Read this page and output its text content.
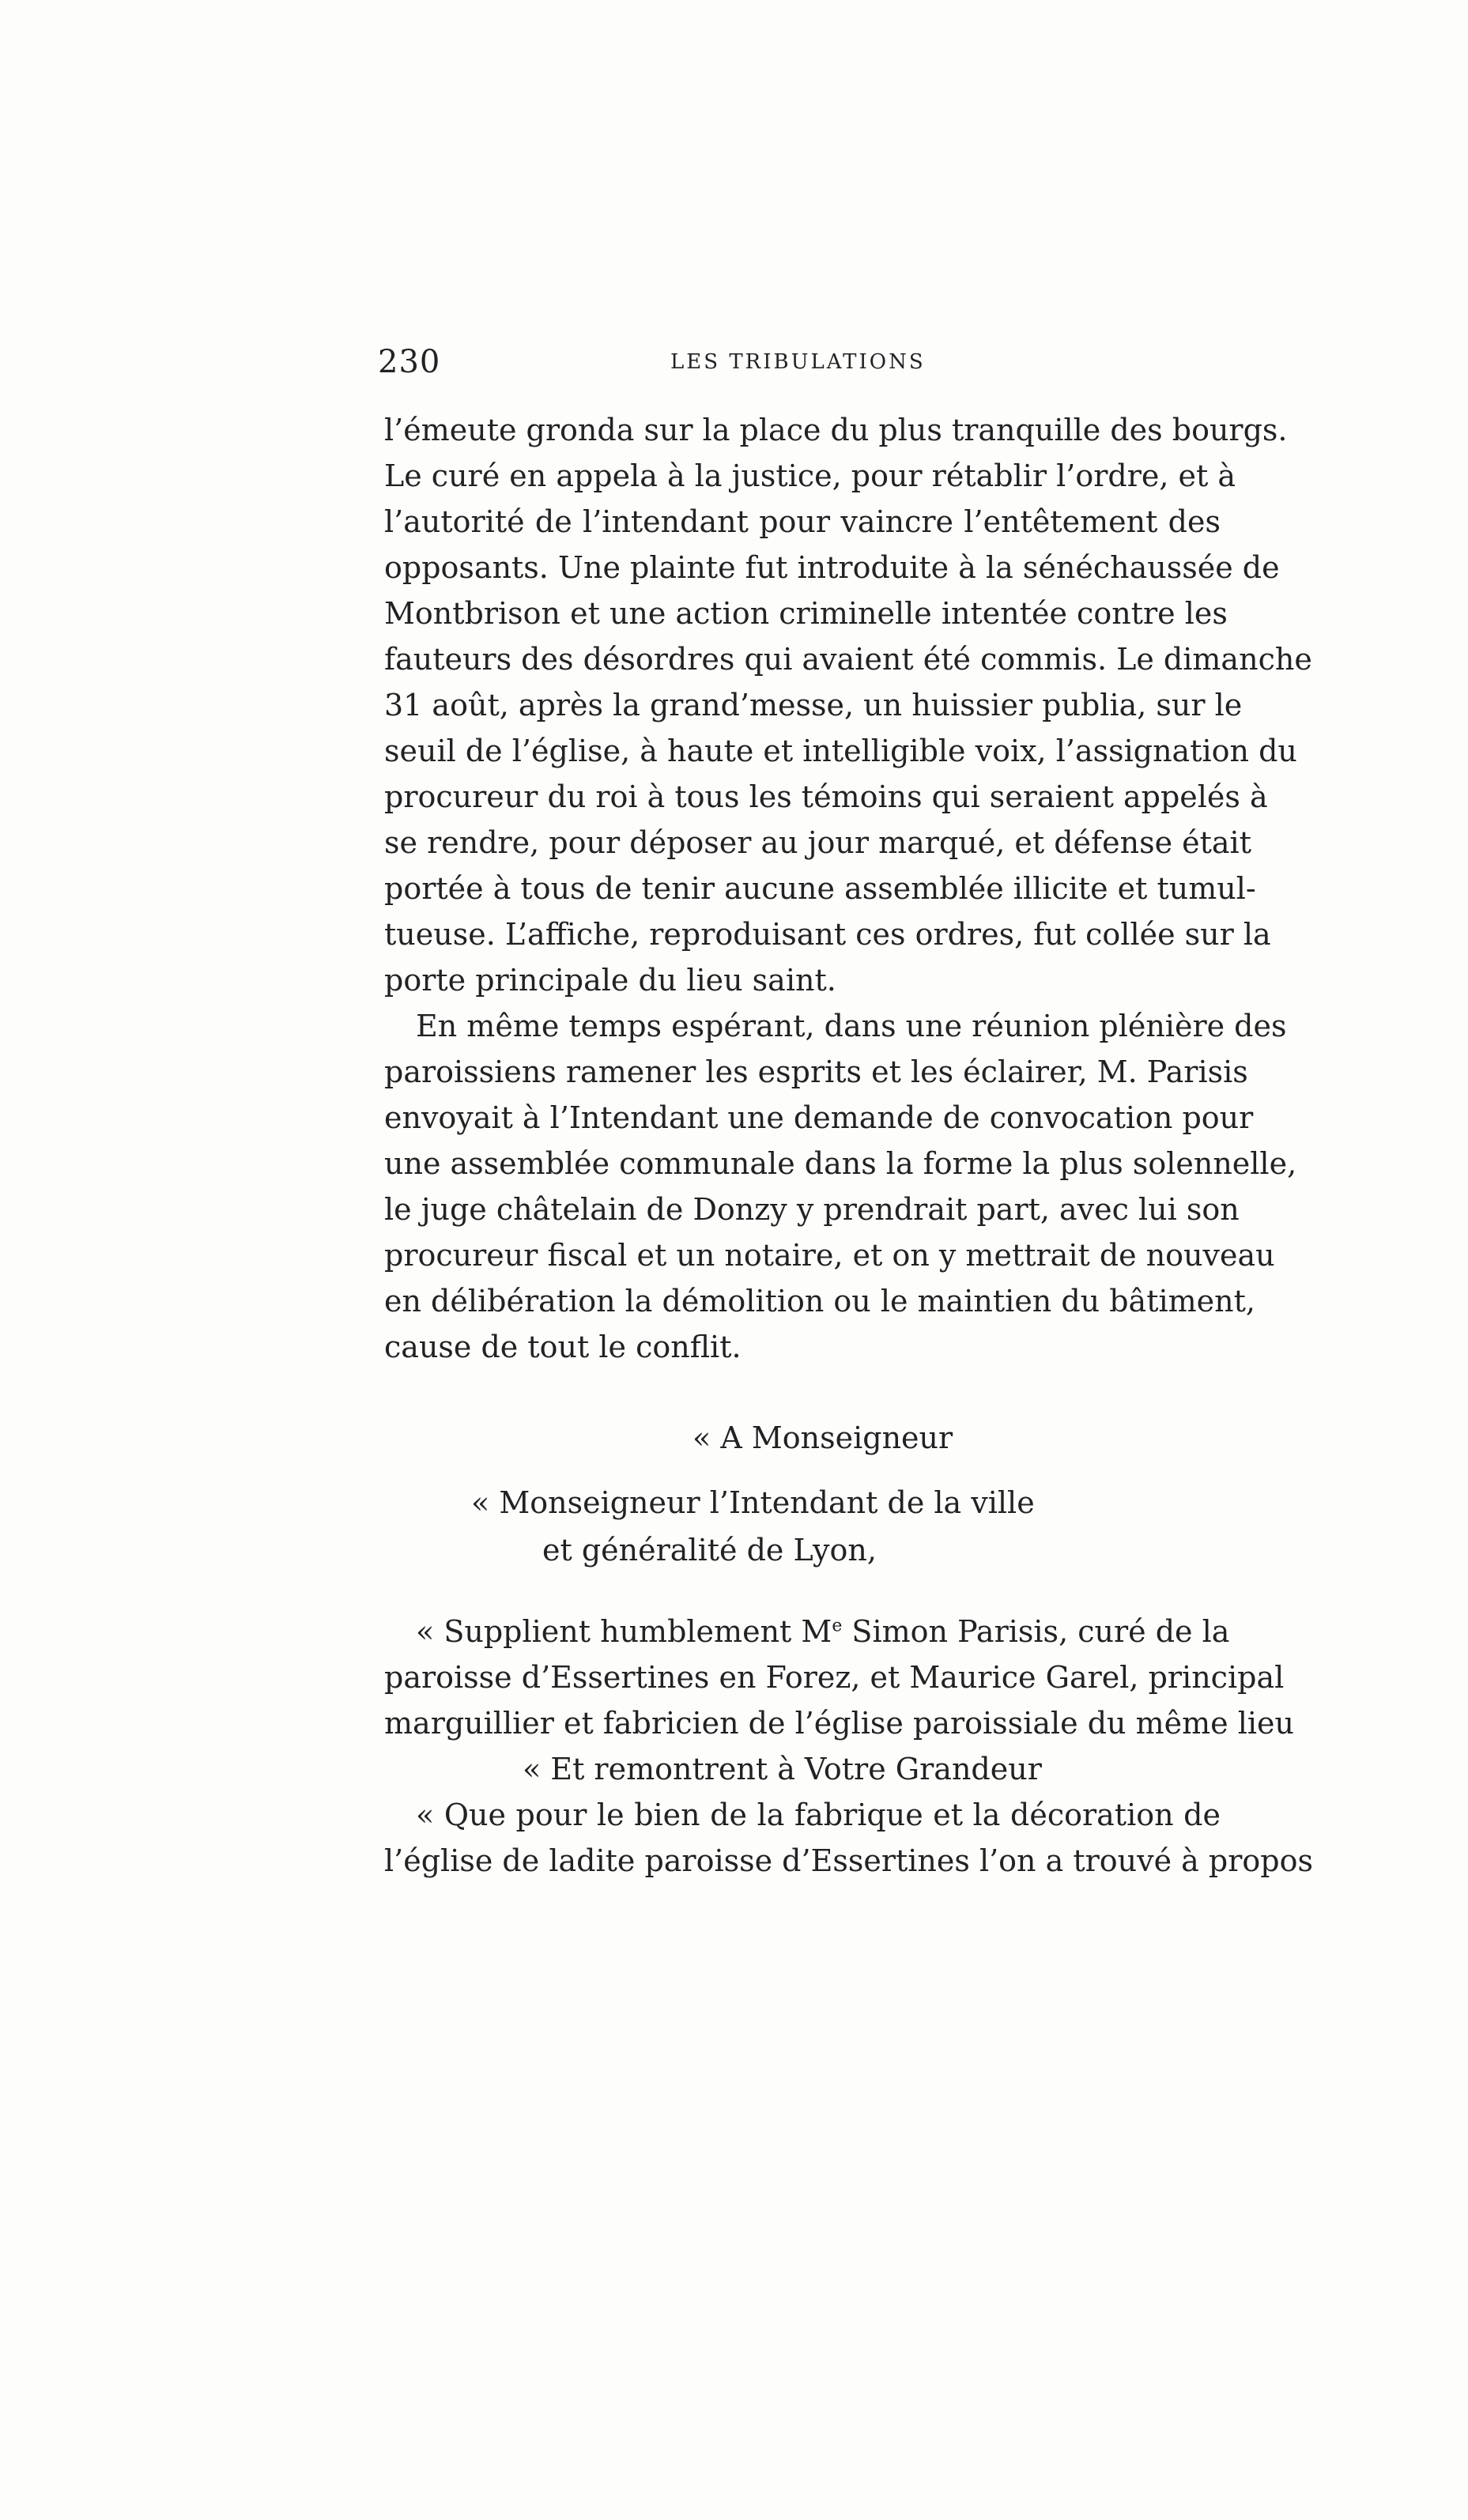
230	LES TRIBULATIONS
l’émeute gronda sur la place du plus tranquille des bourgs.
Le curé en appela à la justice, pour rétablir l’ordre, et à
l’autorité de l’intendant pour vaincre l’entêtement des
opposants. Une plainte fut introduite à la sénéchaussée de
Montbrison et une action criminelle intentée contre les
fauteurs des désordres qui avaient été commis. Le dimanche
31 août, après la grand’messe, un huissier publia, sur le
seuil de l’église, à haute et intelligible voix, l’assignation du
procureur du roi à tous les témoins qui seraient appelés à
se rendre, pour déposer au jour marqué, et défense était
portée à tous de tenir aucune assemblée illicite et tumul-
tueuse. L’affiche, reproduisant ces ordres, fut collée sur la
porte principale du lieu saint.
En même temps espérant, dans une réunion plénière des
paroissiens ramener les esprits et les éclairer, M. Parisis
envoyait à l’Intendant une demande de convocation pour
une assemblée communale dans la forme la plus solennelle,
le juge châtelain de Donzy y prendrait part, avec lui son
procureur fiscal et un notaire, et on y mettrait de nouveau
en délibération la démolition ou le maintien du bâtiment,
cause de tout le conflit.
« A Monseigneur
« Monseigneur l’Intendant de la ville
et généralité de Lyon,
« Supplient humblement Me Simon Parisis, curé de la
paroisse d’Essertines en Forez, et Maurice Garel, principal
marguillier et fabricien de l’église paroissiale du même lieu
« Et remontrent à Votre Grandeur
« Que pour le bien de la fabrique et la décoration de
l’église de ladite paroisse d’Essertines l’on a trouvé à propos
